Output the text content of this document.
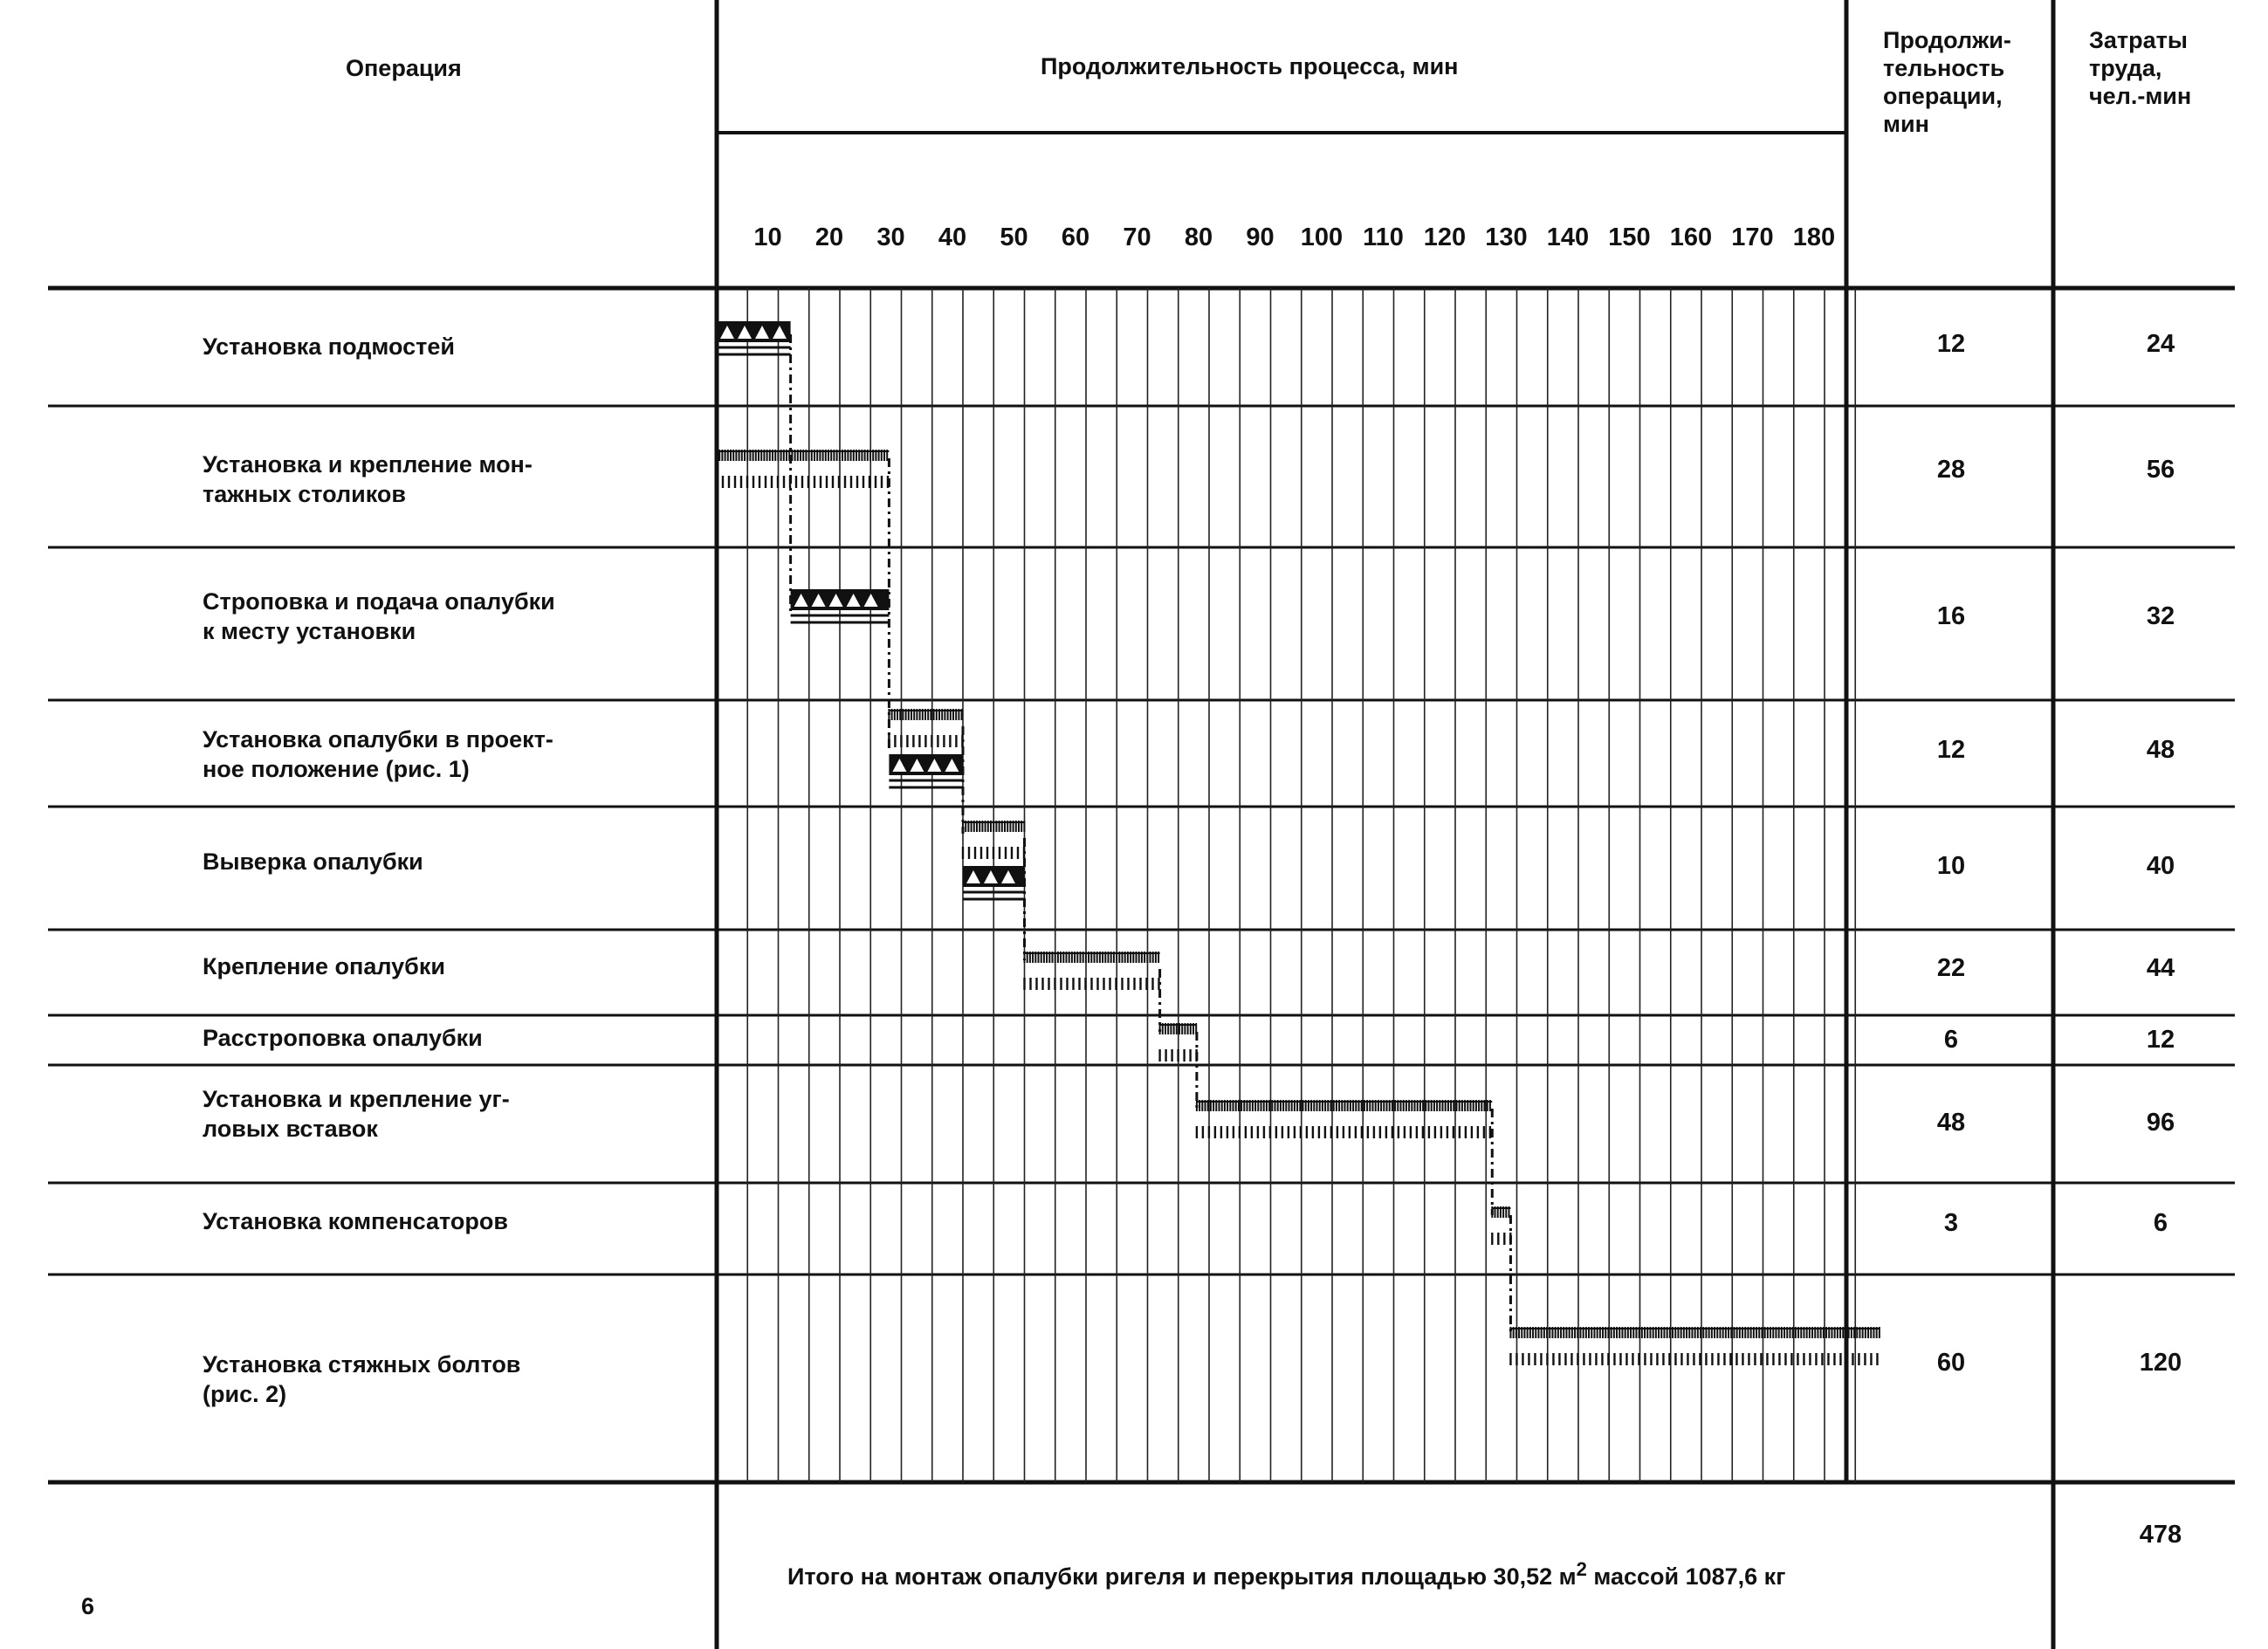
Операция	Продолжительность процесса, мин
Продолжи-
тельность
операции,
мин
Затраты
труда,
чел.-мин
10	20	30	40	50	60	70	80	90	100 110 120 130 140 150 160 170 180
Установка подмостей	12	24
Установка и крепление мон-
тажных столиков
28	56
Строповка и подача опалубки
к месту установки
16	32
Установка опалубки в проект-
ное положение (рис. 1)
12	48
Выверка опалубки	10	40
Крепление опалубки	22	44
Расстроповка опалубки	6	12
Установка и крепление уг-
ловых вставок	48	96
Установка компенсаторов	3	6
Установка стяжных болтов
(рис. 2)
60	120

Итого на монтаж опалубки ригеля и перекрытия площадью 30,52 $м^2$ массой 1087,6 кг

478
6
